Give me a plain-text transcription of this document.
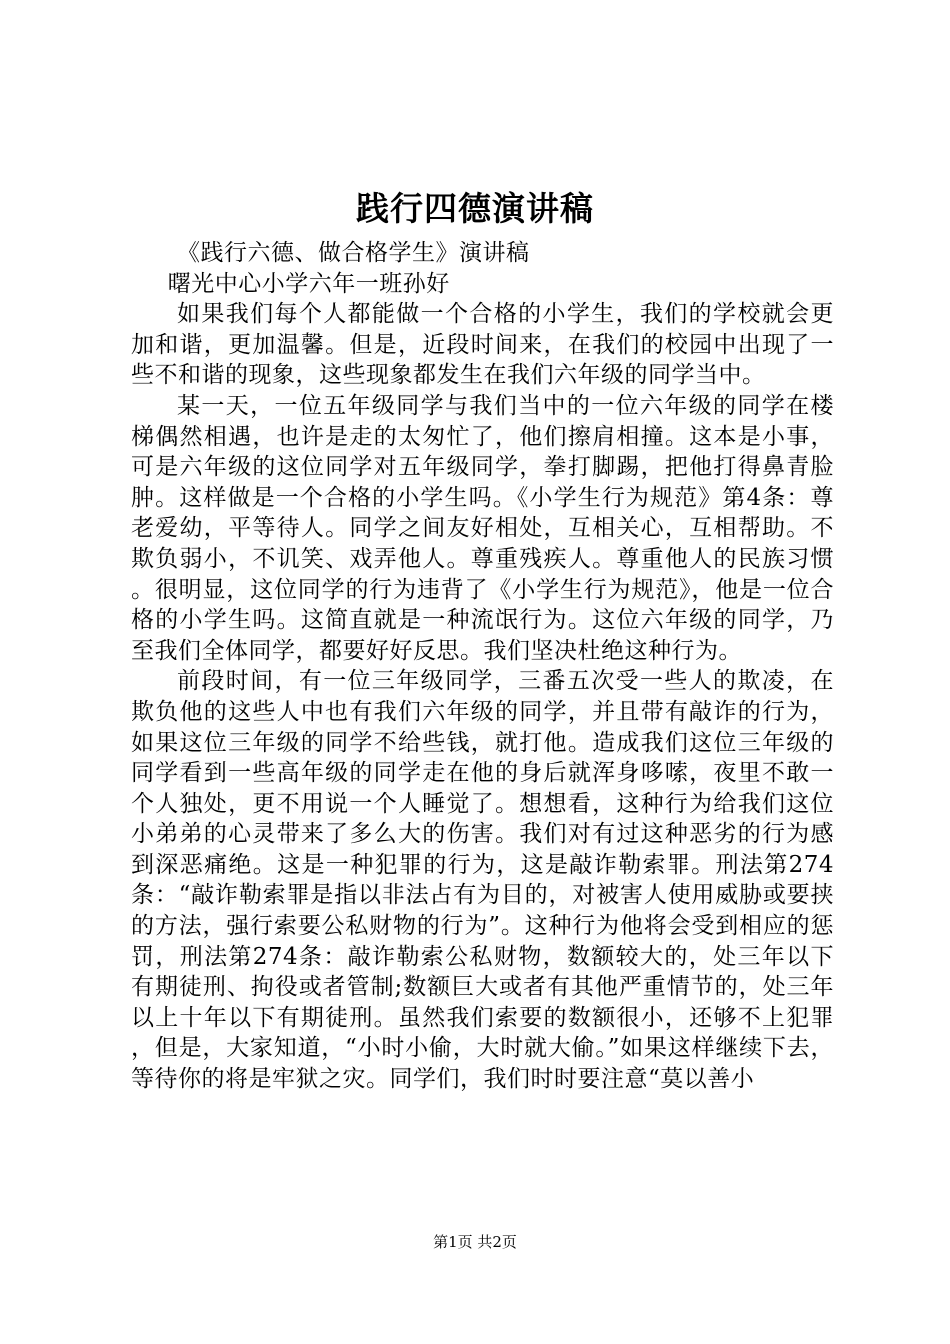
践行四德演讲稿

《践行六德、做合格学生》演讲稿

曙光中心小学六年一班孙好

如果我们每个人都能做一个合格的小学生，我们的学校就会更加和谐，更加温馨。但是，近段时间来，在我们的校园中出现了一些不和谐的现象，这些现象都发生在我们六年级的同学当中。

某一天，一位五年级同学与我们当中的一位六年级的同学在楼梯偶然相遇，也许是走的太匆忙了，他们擦肩相撞。这本是小事，可是六年级的这位同学对五年级同学，拳打脚踢，把他打得鼻青脸肿。这样做是一个合格的小学生吗。《小学生行为规范》第4条：尊老爱幼，平等待人。同学之间友好相处，互相关心，互相帮助。不欺负弱小，不讥笑、戏弄他人。尊重残疾人。尊重他人的民族习惯。很明显，这位同学的行为违背了《小学生行为规范》，他是一位合格的小学生吗。这简直就是一种流氓行为。这位六年级的同学，乃至我们全体同学，都要好好反思。我们坚决杜绝这种行为。

前段时间，有一位三年级同学，三番五次受一些人的欺凌，在欺负他的这些人中也有我们六年级的同学，并且带有敲诈的行为，如果这位三年级的同学不给些钱，就打他。造成我们这位三年级的同学看到一些高年级的同学走在他的身后就浑身哆嗦，夜里不敢一个人独处，更不用说一个人睡觉了。想想看，这种行为给我们这位小弟弟的心灵带来了多么大的伤害。我们对有过这种恶劣的行为感到深恶痛绝。这是一种犯罪的行为，这是敲诈勒索罪。刑法第274条：“敲诈勒索罪是指以非法占有为目的，对被害人使用威胁或要挟的方法，强行索要公私财物的行为”。这种行为他将会受到相应的惩罚，刑法第274条：敲诈勒索公私财物，数额较大的，处三年以下有期徒刑、拘役或者管制;数额巨大或者有其他严重情节的，处三年以上十年以下有期徒刑。虽然我们索要的数额很小，还够不上犯罪，但是，大家知道，“小时小偷，大时就大偷。”如果这样继续下去，等待你的将是牢狱之灾。同学们，我们时时要注意“莫以善小

第1页 共2页
